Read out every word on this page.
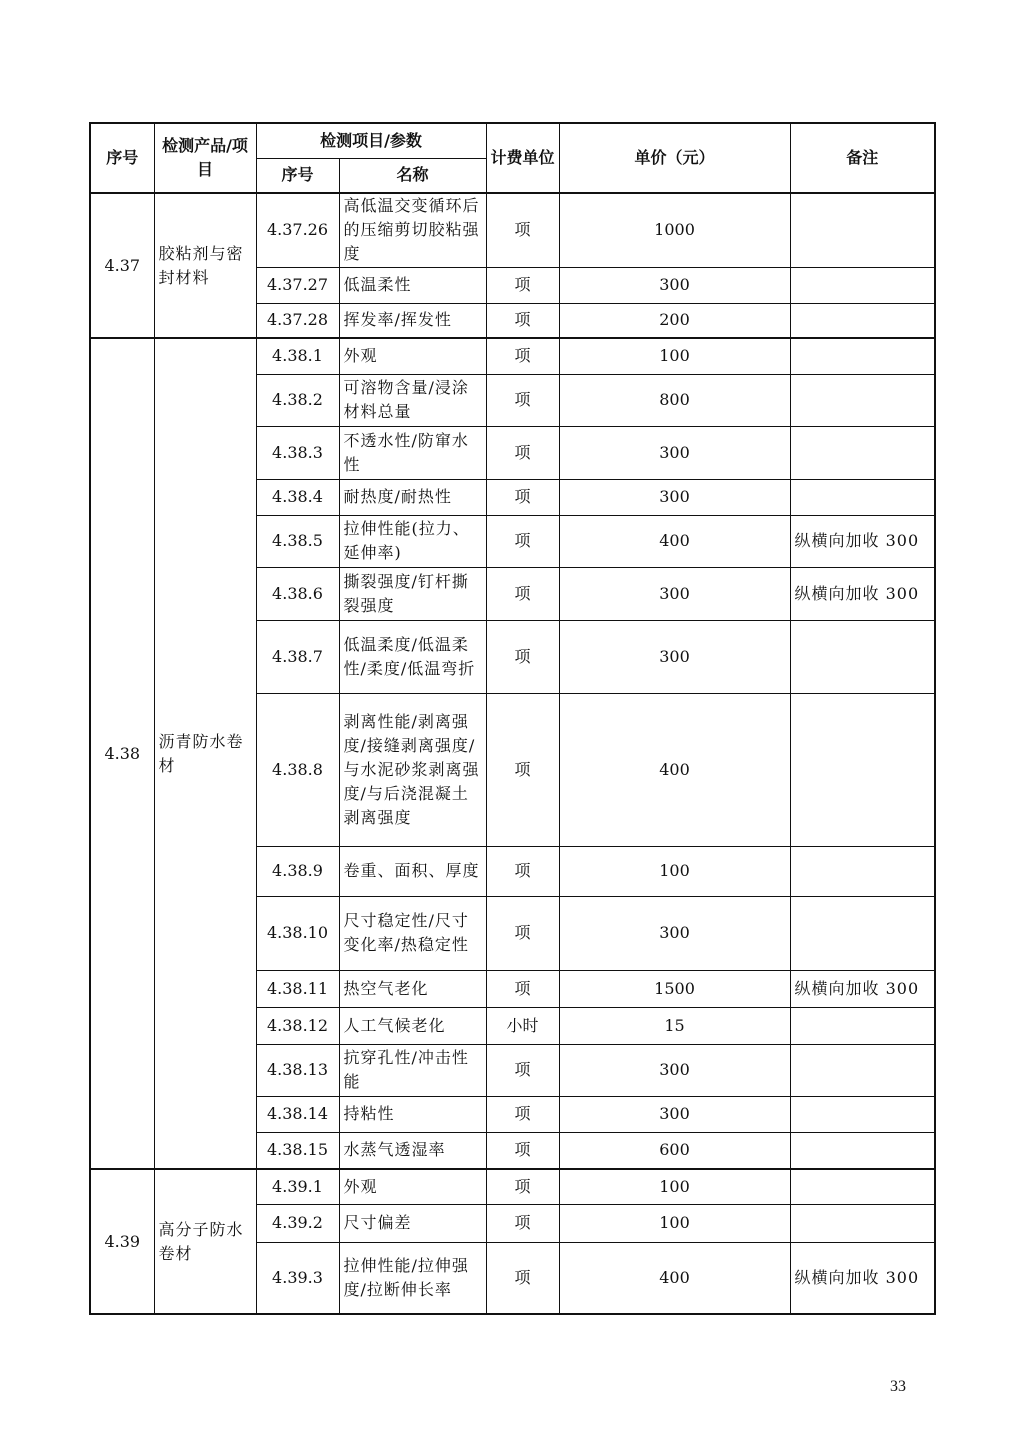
序号	检测产品/项目	检测项目/参数		计费单位	单价（元）	备注
		序号	名称			
4.37	胶粘剂与密封材料	4.37.26	高低温交变循环后的压缩剪切胶粘强度	项	1000	
		4.37.27	低温柔性	项	300	
		4.37.28	挥发率/挥发性	项	200	
4.38	沥青防水卷材	4.38.1	外观	项	100	
		4.38.2	可溶物含量/浸涂材料总量	项	800	
		4.38.3	不透水性/防窜水性	项	300	
		4.38.4	耐热度/耐热性	项	300	
		4.38.5	拉伸性能(拉力、延伸率)	项	400	纵横向加收 300
		4.38.6	撕裂强度/钉杆撕裂强度	项	300	纵横向加收 300
		4.38.7	低温柔度/低温柔性/柔度/低温弯折	项	300	
		4.38.8	剥离性能/剥离强度/接缝剥离强度/与水泥砂浆剥离强度/与后浇混凝土剥离强度	项	400	
		4.38.9	卷重、面积、厚度	项	100	
		4.38.10	尺寸稳定性/尺寸变化率/热稳定性	项	300	
		4.38.11	热空气老化	项	1500	纵横向加收 300
		4.38.12	人工气候老化	小时	15	
		4.38.13	抗穿孔性/冲击性能	项	300	
		4.38.14	持粘性	项	300	
		4.38.15	水蒸气透湿率	项	600	
4.39	高分子防水卷材	4.39.1	外观	项	100	
		4.39.2	尺寸偏差	项	100	
		4.39.3	拉伸性能/拉伸强度/拉断伸长率	项	400	纵横向加收 300
33
